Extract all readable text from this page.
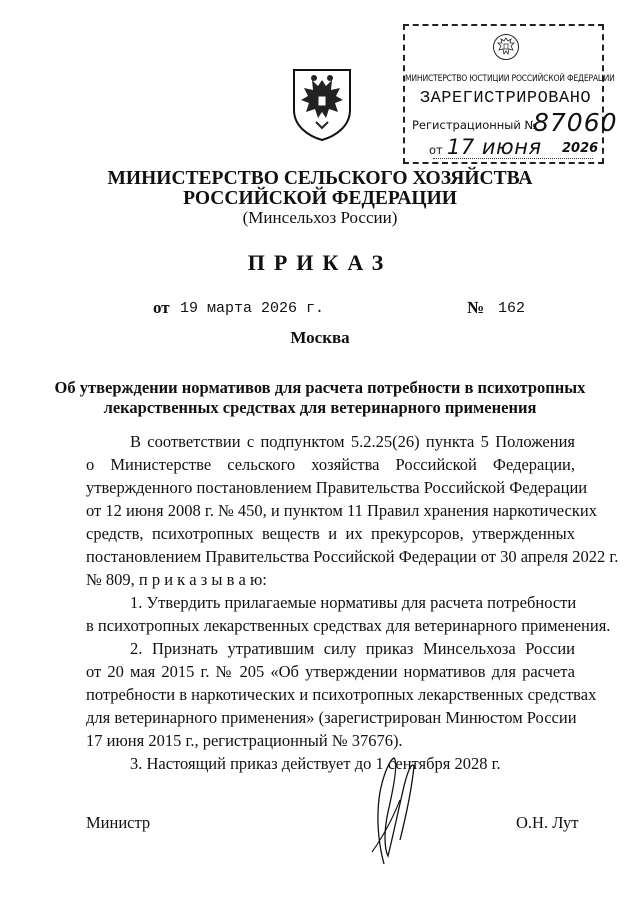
МИНИСТЕРСТВО ЮСТИЦИИ РОССИЙСКОЙ ФЕДЕРАЦИИ
ЗАРЕГИСТРИРОВАНО
Регистрационный №
87060
от 17 июня 2026
МИНИСТЕРСТВО СЕЛЬСКОГО ХОЗЯЙСТВА
РОССИЙСКОЙ ФЕДЕРАЦИИ
(Минсельхоз России)
ПРИКАЗ
от 19 марта 2026 г.	№ 162
Москва
Об утверждении нормативов для расчета потребности в психотропных
лекарственных средствах для ветеринарного применения
В соответствии с подпунктом 5.2.25(26) пункта 5 Положения
о Министерстве сельского хозяйства Российской Федерации,
утвержденного постановлением Правительства Российской Федерации
от 12 июня 2008 г. № 450, и пунктом 11 Правил хранения наркотических
средств, психотропных веществ и их прекурсоров, утвержденных
постановлением Правительства Российской Федерации от 30 апреля 2022 г.
№ 809, п р и к а з ы в а ю:
1. Утвердить прилагаемые нормативы для расчета потребности
в психотропных лекарственных средствах для ветеринарного применения.
2. Признать утратившим силу приказ Минсельхоза России
от 20 мая 2015 г. № 205 «Об утверждении нормативов для расчета
потребности в наркотических и психотропных лекарственных средствах
для ветеринарного применения» (зарегистрирован Минюстом России
17 июня 2015 г., регистрационный № 37676).
3. Настоящий приказ действует до 1 сентября 2028 г.
Министр	О.Н. Лут
